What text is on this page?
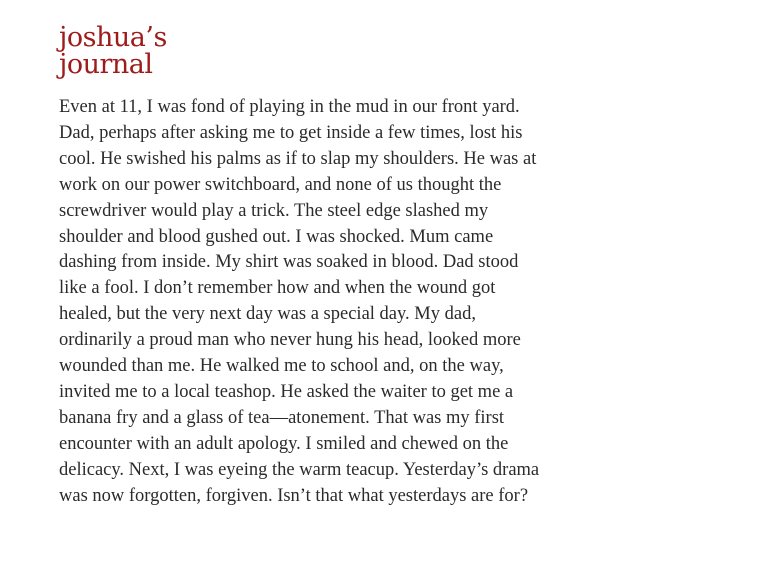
joshua’s
journal

Even at 11, I was fond of playing in the mud in our front yard.
Dad, perhaps after asking me to get inside a few times, lost his
cool. He swished his palms as if to slap my shoulders. He was at
work on our power switchboard, and none of us thought the
screwdriver would play a trick. The steel edge slashed my
shoulder and blood gushed out. I was shocked. Mum came
dashing from inside. My shirt was soaked in blood. Dad stood
like a fool. I don’t remember how and when the wound got
healed, but the very next day was a special day. My dad,
ordinarily a proud man who never hung his head, looked more
wounded than me. He walked me to school and, on the way,
invited me to a local teashop. He asked the waiter to get me a
banana fry and a glass of tea—atonement. That was my first
encounter with an adult apology. I smiled and chewed on the
delicacy. Next, I was eyeing the warm teacup. Yesterday’s drama
was now forgotten, forgiven. Isn’t that what yesterdays are for?
